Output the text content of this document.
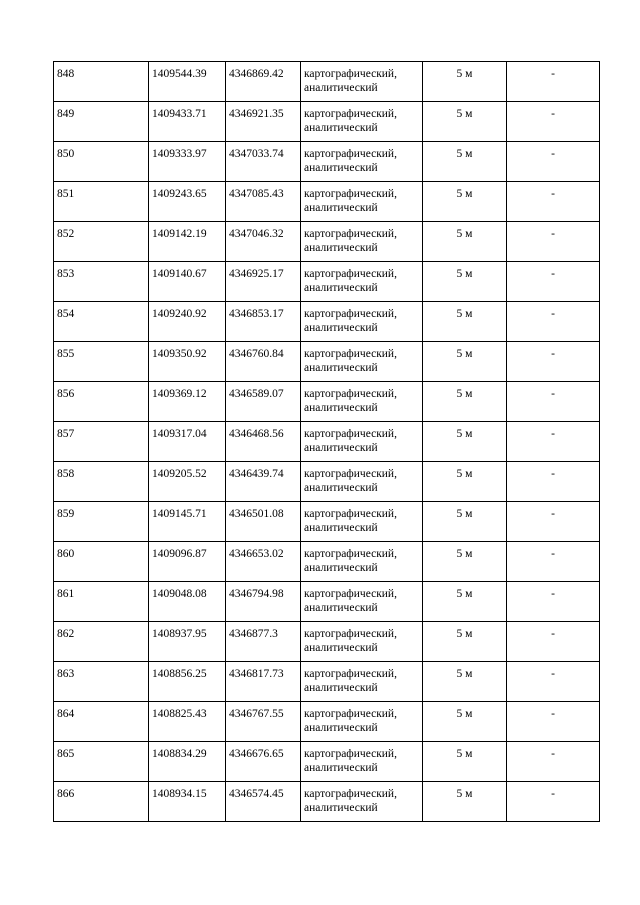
848	1409544.39	4346869.42	картографический,
аналитический	5 м	-
849	1409433.71	4346921.35	картографический,
аналитический	5 м	-
850	1409333.97	4347033.74	картографический,
аналитический	5 м	-
851	1409243.65	4347085.43	картографический,
аналитический	5 м	-
852	1409142.19	4347046.32	картографический,
аналитический	5 м	-
853	1409140.67	4346925.17	картографический,
аналитический	5 м	-
854	1409240.92	4346853.17	картографический,
аналитический	5 м	-
855	1409350.92	4346760.84	картографический,
аналитический	5 м	-
856	1409369.12	4346589.07	картографический,
аналитический	5 м	-
857	1409317.04	4346468.56	картографический,
аналитический	5 м	-
858	1409205.52	4346439.74	картографический,
аналитический	5 м	-
859	1409145.71	4346501.08	картографический,
аналитический	5 м	-
860	1409096.87	4346653.02	картографический,
аналитический	5 м	-
861	1409048.08	4346794.98	картографический,
аналитический	5 м	-
862	1408937.95	4346877.3	картографический,
аналитический	5 м	-
863	1408856.25	4346817.73	картографический,
аналитический	5 м	-
864	1408825.43	4346767.55	картографический,
аналитический	5 м	-
865	1408834.29	4346676.65	картографический,
аналитический	5 м	-
866	1408934.15	4346574.45	картографический,
аналитический	5 м	-
